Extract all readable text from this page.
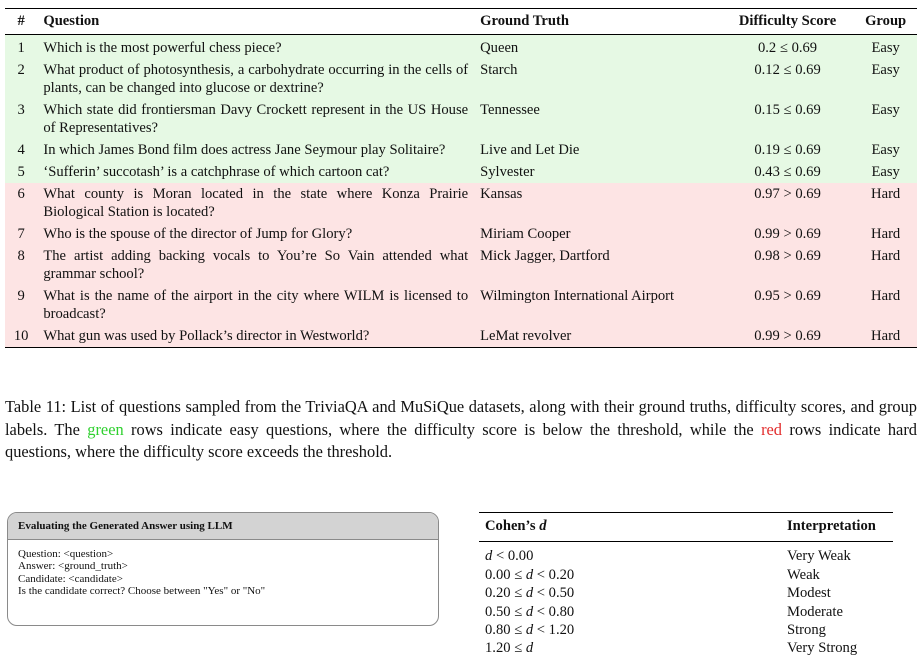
#	Question	Ground Truth	Difficulty Score	Group
1	Which is the most powerful chess piece?	Queen	0.2 ≤ 0.69	Easy
2	What product of photosynthesis, a carbohydrate occurring in the cells of plants, can be changed into glucose or dextrine?	Starch	0.12 ≤ 0.69	Easy
3	Which state did frontiersman Davy Crockett represent in the US House of Representatives?	Tennessee	0.15 ≤ 0.69	Easy
4	In which James Bond film does actress Jane Seymour play Solitaire?	Live and Let Die	0.19 ≤ 0.69	Easy
5	‘Sufferin’ succotash’ is a catchphrase of which cartoon cat?	Sylvester	0.43 ≤ 0.69	Easy
6	What county is Moran located in the state where Konza Prairie Biological Station is located?	Kansas	0.97 > 0.69	Hard
7	Who is the spouse of the director of Jump for Glory?	Miriam Cooper	0.99 > 0.69	Hard
8	The artist adding backing vocals to You’re So Vain attended what grammar school?	Mick Jagger, Dartford	0.98 > 0.69	Hard
9	What is the name of the airport in the city where WILM is licensed to broadcast?	Wilmington International Airport	0.95 > 0.69	Hard
10	What gun was used by Pollack’s director in Westworld?	LeMat revolver	0.99 > 0.69	Hard

Table 11: List of questions sampled from the TriviaQA and MuSiQue datasets, along with their ground truths, difficulty scores, and group labels. The green rows indicate easy questions, where the difficulty score is below the threshold, while the red rows indicate hard questions, where the difficulty score exceeds the threshold.

Evaluating the Generated Answer using LLM
Question: <question>
Answer: <ground_truth>
Candidate: <candidate>
Is the candidate correct? Choose between "Yes" or "No"
Cohen’s d	Interpretation
d < 0.00	Very Weak
0.00 ≤ d < 0.20	Weak
0.20 ≤ d < 0.50	Modest
0.50 ≤ d < 0.80	Moderate
0.80 ≤ d < 1.20	Strong
1.20 ≤ d	Very Strong
